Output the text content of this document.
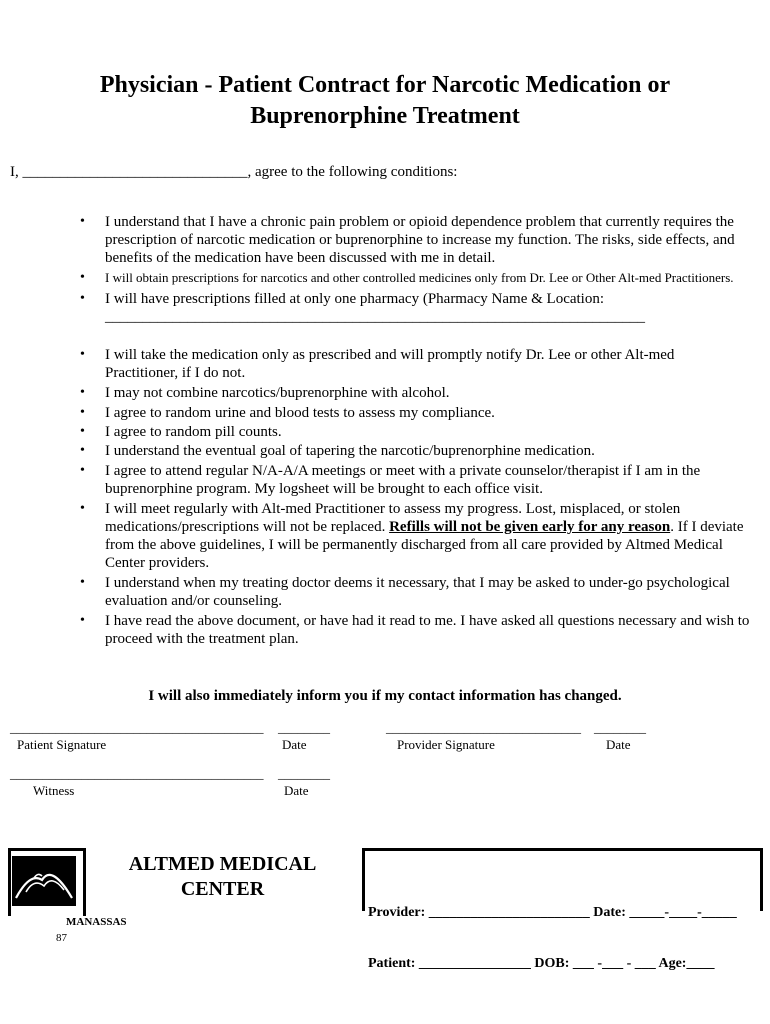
Physician - Patient Contract for Narcotic Medication or
Buprenorphine Treatment
I, ______________________________, agree to the following conditions:
• I understand that I have a chronic pain problem or opioid dependence problem that currently requires the prescription of narcotic medication or buprenorphine to increase my function. The risks, side effects, and benefits of the medication have been discussed with me in detail.
• I will obtain prescriptions for narcotics and other controlled medicines only from Dr. Lee or Other Alt-med Practitioners.
• I will have prescriptions filled at only one pharmacy (Pharmacy Name & Location:
________________________________________________________________________
• I will take the medication only as prescribed and will promptly notify Dr. Lee or other Alt-med Practitioner, if I do not.
• I may not combine narcotics/buprenorphine with alcohol.
• I agree to random urine and blood tests to assess my compliance.
• I agree to random pill counts.
• I understand the eventual goal of tapering the narcotic/buprenorphine medication.
• I agree to attend regular N/A-A/A meetings or meet with a private counselor/therapist if I am in the buprenorphine program. My logsheet will be brought to each office visit.
• I will meet regularly with Alt-med Practitioner to assess my progress. Lost, misplaced, or stolen medications/prescriptions will not be replaced. Refills will not be given early for any reason. If I deviate from the above guidelines, I will be permanently discharged from all care provided by Altmed Medical Center providers.
• I understand when my treating doctor deems it necessary, that I may be asked to under-go psychological evaluation and/or counseling.
• I have read the above document, or have had it read to me. I have asked all questions necessary and wish to proceed with the treatment plan.
I will also immediately inform you if my contact information has changed.
_______________________________________ ________	______________________________ ________
Patient Signature	Date	Provider Signature	Date
_______________________________________ ________
Witness	Date
ALTMED MEDICAL
CENTER
MANASSAS
87
Provider: _______________________ Date: _____-____-_____
Patient: ________________ DOB: ___ -___ - ___ Age:____
